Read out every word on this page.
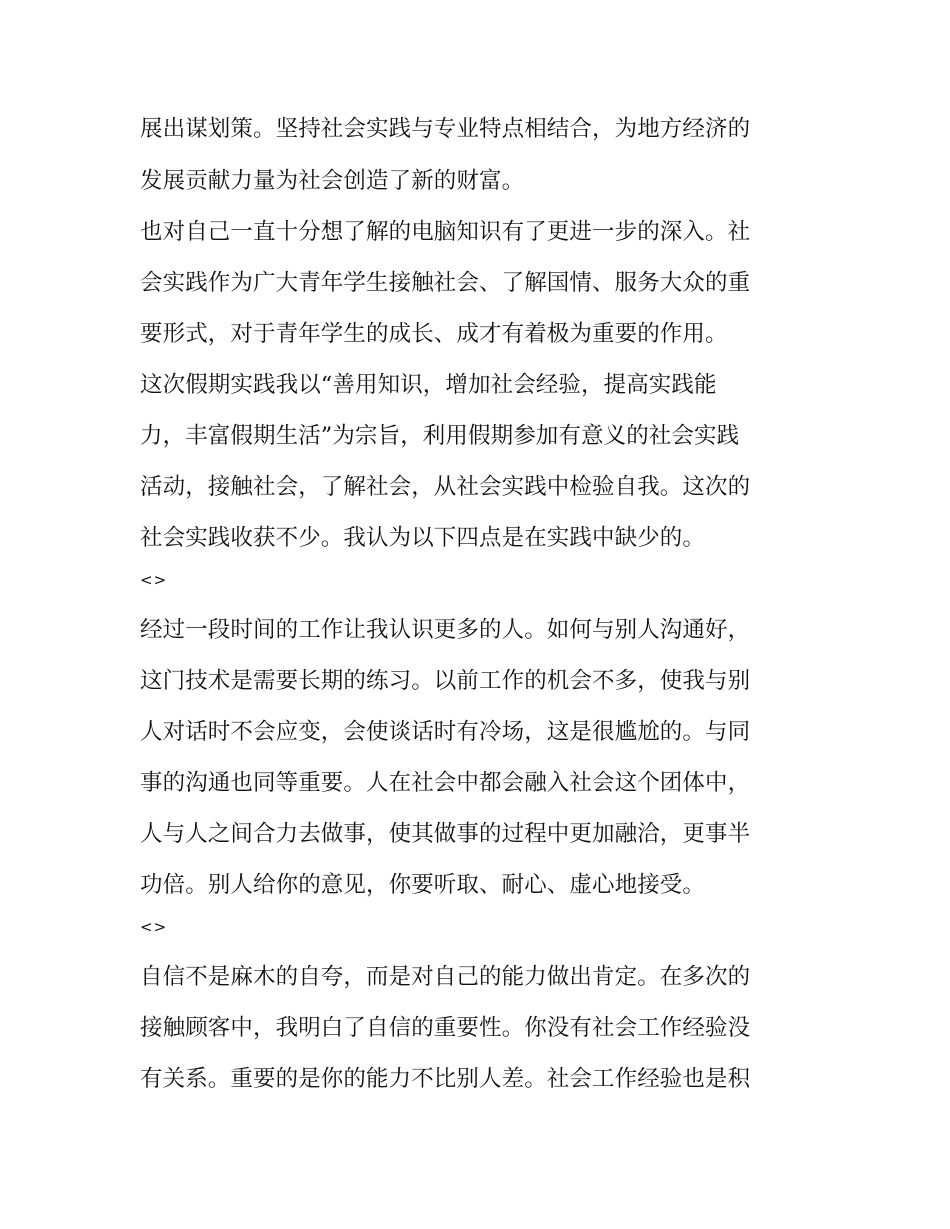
展出谋划策。坚持社会实践与专业特点相结合，为地方经济的
发展贡献力量为社会创造了新的财富。
也对自己一直十分想了解的电脑知识有了更进一步的深入。社
会实践作为广大青年学生接触社会、了解国情、服务大众的重
要形式，对于青年学生的成长、成才有着极为重要的作用。
这次假期实践我以“善用知识，增加社会经验，提高实践能
力，丰富假期生活”为宗旨，利用假期参加有意义的社会实践
活动，接触社会，了解社会，从社会实践中检验自我。这次的
社会实践收获不少。我认为以下四点是在实践中缺少的。
<>
经过一段时间的工作让我认识更多的人。如何与别人沟通好，
这门技术是需要长期的练习。以前工作的机会不多，使我与别
人对话时不会应变，会使谈话时有冷场，这是很尴尬的。与同
事的沟通也同等重要。人在社会中都会融入社会这个团体中，
人与人之间合力去做事，使其做事的过程中更加融洽，更事半
功倍。别人给你的意见，你要听取、耐心、虚心地接受。
<>
自信不是麻木的自夸，而是对自己的能力做出肯定。在多次的
接触顾客中，我明白了自信的重要性。你没有社会工作经验没
有关系。重要的是你的能力不比别人差。社会工作经验也是积
